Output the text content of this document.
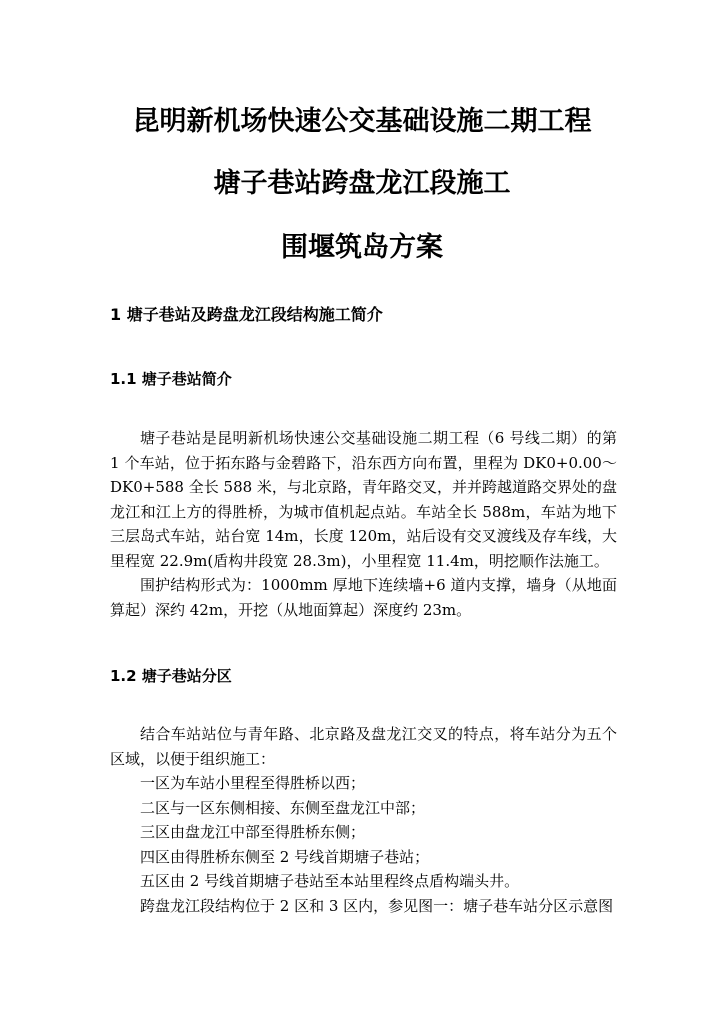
昆明新机场快速公交基础设施二期工程
塘子巷站跨盘龙江段施工
围堰筑岛方案
1 塘子巷站及跨盘龙江段结构施工简介
1.1 塘子巷站简介

塘子巷站是昆明新机场快速公交基础设施二期工程（6 号线二期）的第 1 个车站，位于拓东路与金碧路下，沿东西方向布置，里程为 DK0+0.00～DK0+588 全长 588 米，与北京路，青年路交叉，并并跨越道路交界处的盘龙江和江上方的得胜桥，为城市值机起点站。车站全长 588m，车站为地下三层岛式车站，站台宽 14m，长度 120m，站后设有交叉渡线及存车线，大里程宽 22.9m(盾构井段宽 28.3m)，小里程宽 11.4m，明挖顺作法施工。

围护结构形式为：1000mm 厚地下连续墙+6 道内支撑，墙身（从地面算起）深约 42m，开挖（从地面算起）深度约 23m。

1.2 塘子巷站分区

结合车站站位与青年路、北京路及盘龙江交叉的特点，将车站分为五个区域，以便于组织施工：

一区为车站小里程至得胜桥以西；

二区与一区东侧相接、东侧至盘龙江中部；

三区由盘龙江中部至得胜桥东侧；

四区由得胜桥东侧至 2 号线首期塘子巷站；

五区由 2 号线首期塘子巷站至本站里程终点盾构端头井。

跨盘龙江段结构位于 2 区和 3 区内，参见图一：塘子巷车站分区示意图
